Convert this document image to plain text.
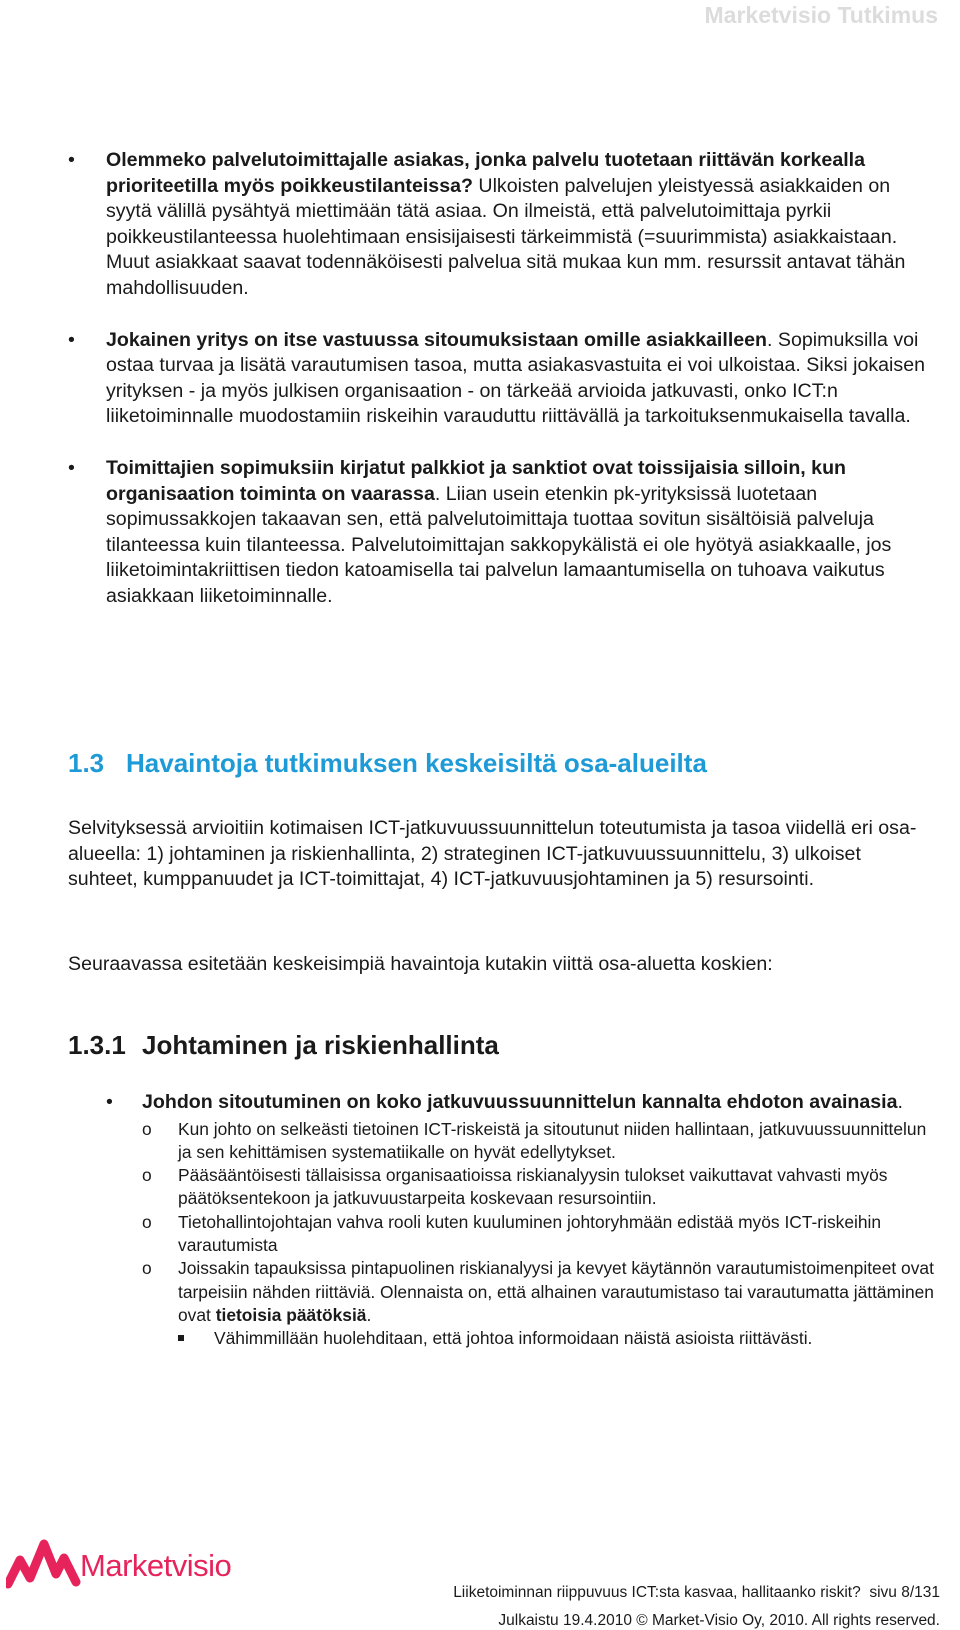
Marketvisio Tutkimus
• Olemmeko palvelutoimittajalle asiakas, jonka palvelu tuotetaan riittävän korkealla prioriteetilla myös poikkeustilanteissa? Ulkoisten palvelujen yleistyessä asiakkaiden on syytä välillä pysähtyä miettimään tätä asiaa. On ilmeistä, että palvelutoimittaja pyrkii poikkeustilanteessa huolehtimaan ensisijaisesti tärkeimmistä (=suurimmista) asiakkaistaan. Muut asiakkaat saavat todennäköisesti palvelua sitä mukaa kun mm. resurssit antavat tähän mahdollisuuden.
• Jokainen yritys on itse vastuussa sitoumuksistaan omille asiakkailleen. Sopimuksilla voi ostaa turvaa ja lisätä varautumisen tasoa, mutta asiakasvastuita ei voi ulkoistaa. Siksi jokaisen yrityksen - ja myös julkisen organisaation - on tärkeää arvioida jatkuvasti, onko ICT:n liiketoiminnalle muodostamiin riskeihin varauduttu riittävällä ja tarkoituksenmukaisella tavalla.
• Toimittajien sopimuksiin kirjatut palkkiot ja sanktiot ovat toissijaisia silloin, kun organisaation toiminta on vaarassa. Liian usein etenkin pk-yrityksissä luotetaan sopimussakkojen takaavan sen, että palvelutoimittaja tuottaa sovitun sisältöisiä palveluja tilanteessa kuin tilanteessa. Palvelutoimittajan sakkopykälistä ei ole hyötyä asiakkaalle, jos liiketoimintakriittisen tiedon katoamisella tai palvelun lamaantumisella on tuhoava vaikutus asiakkaan liiketoiminnalle.
1.3 Havaintoja tutkimuksen keskeisiltä osa-alueilta
Selvityksessä arvioitiin kotimaisen ICT-jatkuvuussuunnittelun toteutumista ja tasoa viidellä eri osa-alueella: 1) johtaminen ja riskienhallinta, 2) strateginen ICT-jatkuvuussuunnittelu, 3) ulkoiset suhteet, kumppanuudet ja ICT-toimittajat, 4) ICT-jatkuvuusjohtaminen ja 5) resursointi.
Seuraavassa esitetään keskeisimpiä havaintoja kutakin viittä osa-aluetta koskien:
1.3.1 Johtaminen ja riskienhallinta
• Johdon sitoutuminen on koko jatkuvuussuunnittelun kannalta ehdoton avainasia.
o Kun johto on selkeästi tietoinen ICT-riskeistä ja sitoutunut niiden hallintaan, jatkuvuussuunnittelun ja sen kehittämisen systematiikalle on hyvät edellytykset.
o Pääsääntöisesti tällaisissa organisaatioissa riskianalyysin tulokset vaikuttavat vahvasti myös päätöksentekoon ja jatkuvuustarpeita koskevaan resursointiin.
o Tietohallintojohtajan vahva rooli kuten kuuluminen johtoryhmään edistää myös ICT-riskeihin varautumista
o Joissakin tapauksissa pintapuolinen riskianalyysi ja kevyet käytännön varautumistoimenpiteet ovat tarpeisiin nähden riittäviä. Olennaista on, että alhainen varautumistaso tai varautumatta jättäminen ovat tietoisia päätöksiä.
Vähimmillään huolehditaan, että johtoa informoidaan näistä asioista riittävästi.
Marketvisio
Liiketoiminnan riippuvuus ICT:sta kasvaa, hallitaanko riskit? sivu 8/131
Julkaistu 19.4.2010 © Market-Visio Oy, 2010. All rights reserved.
